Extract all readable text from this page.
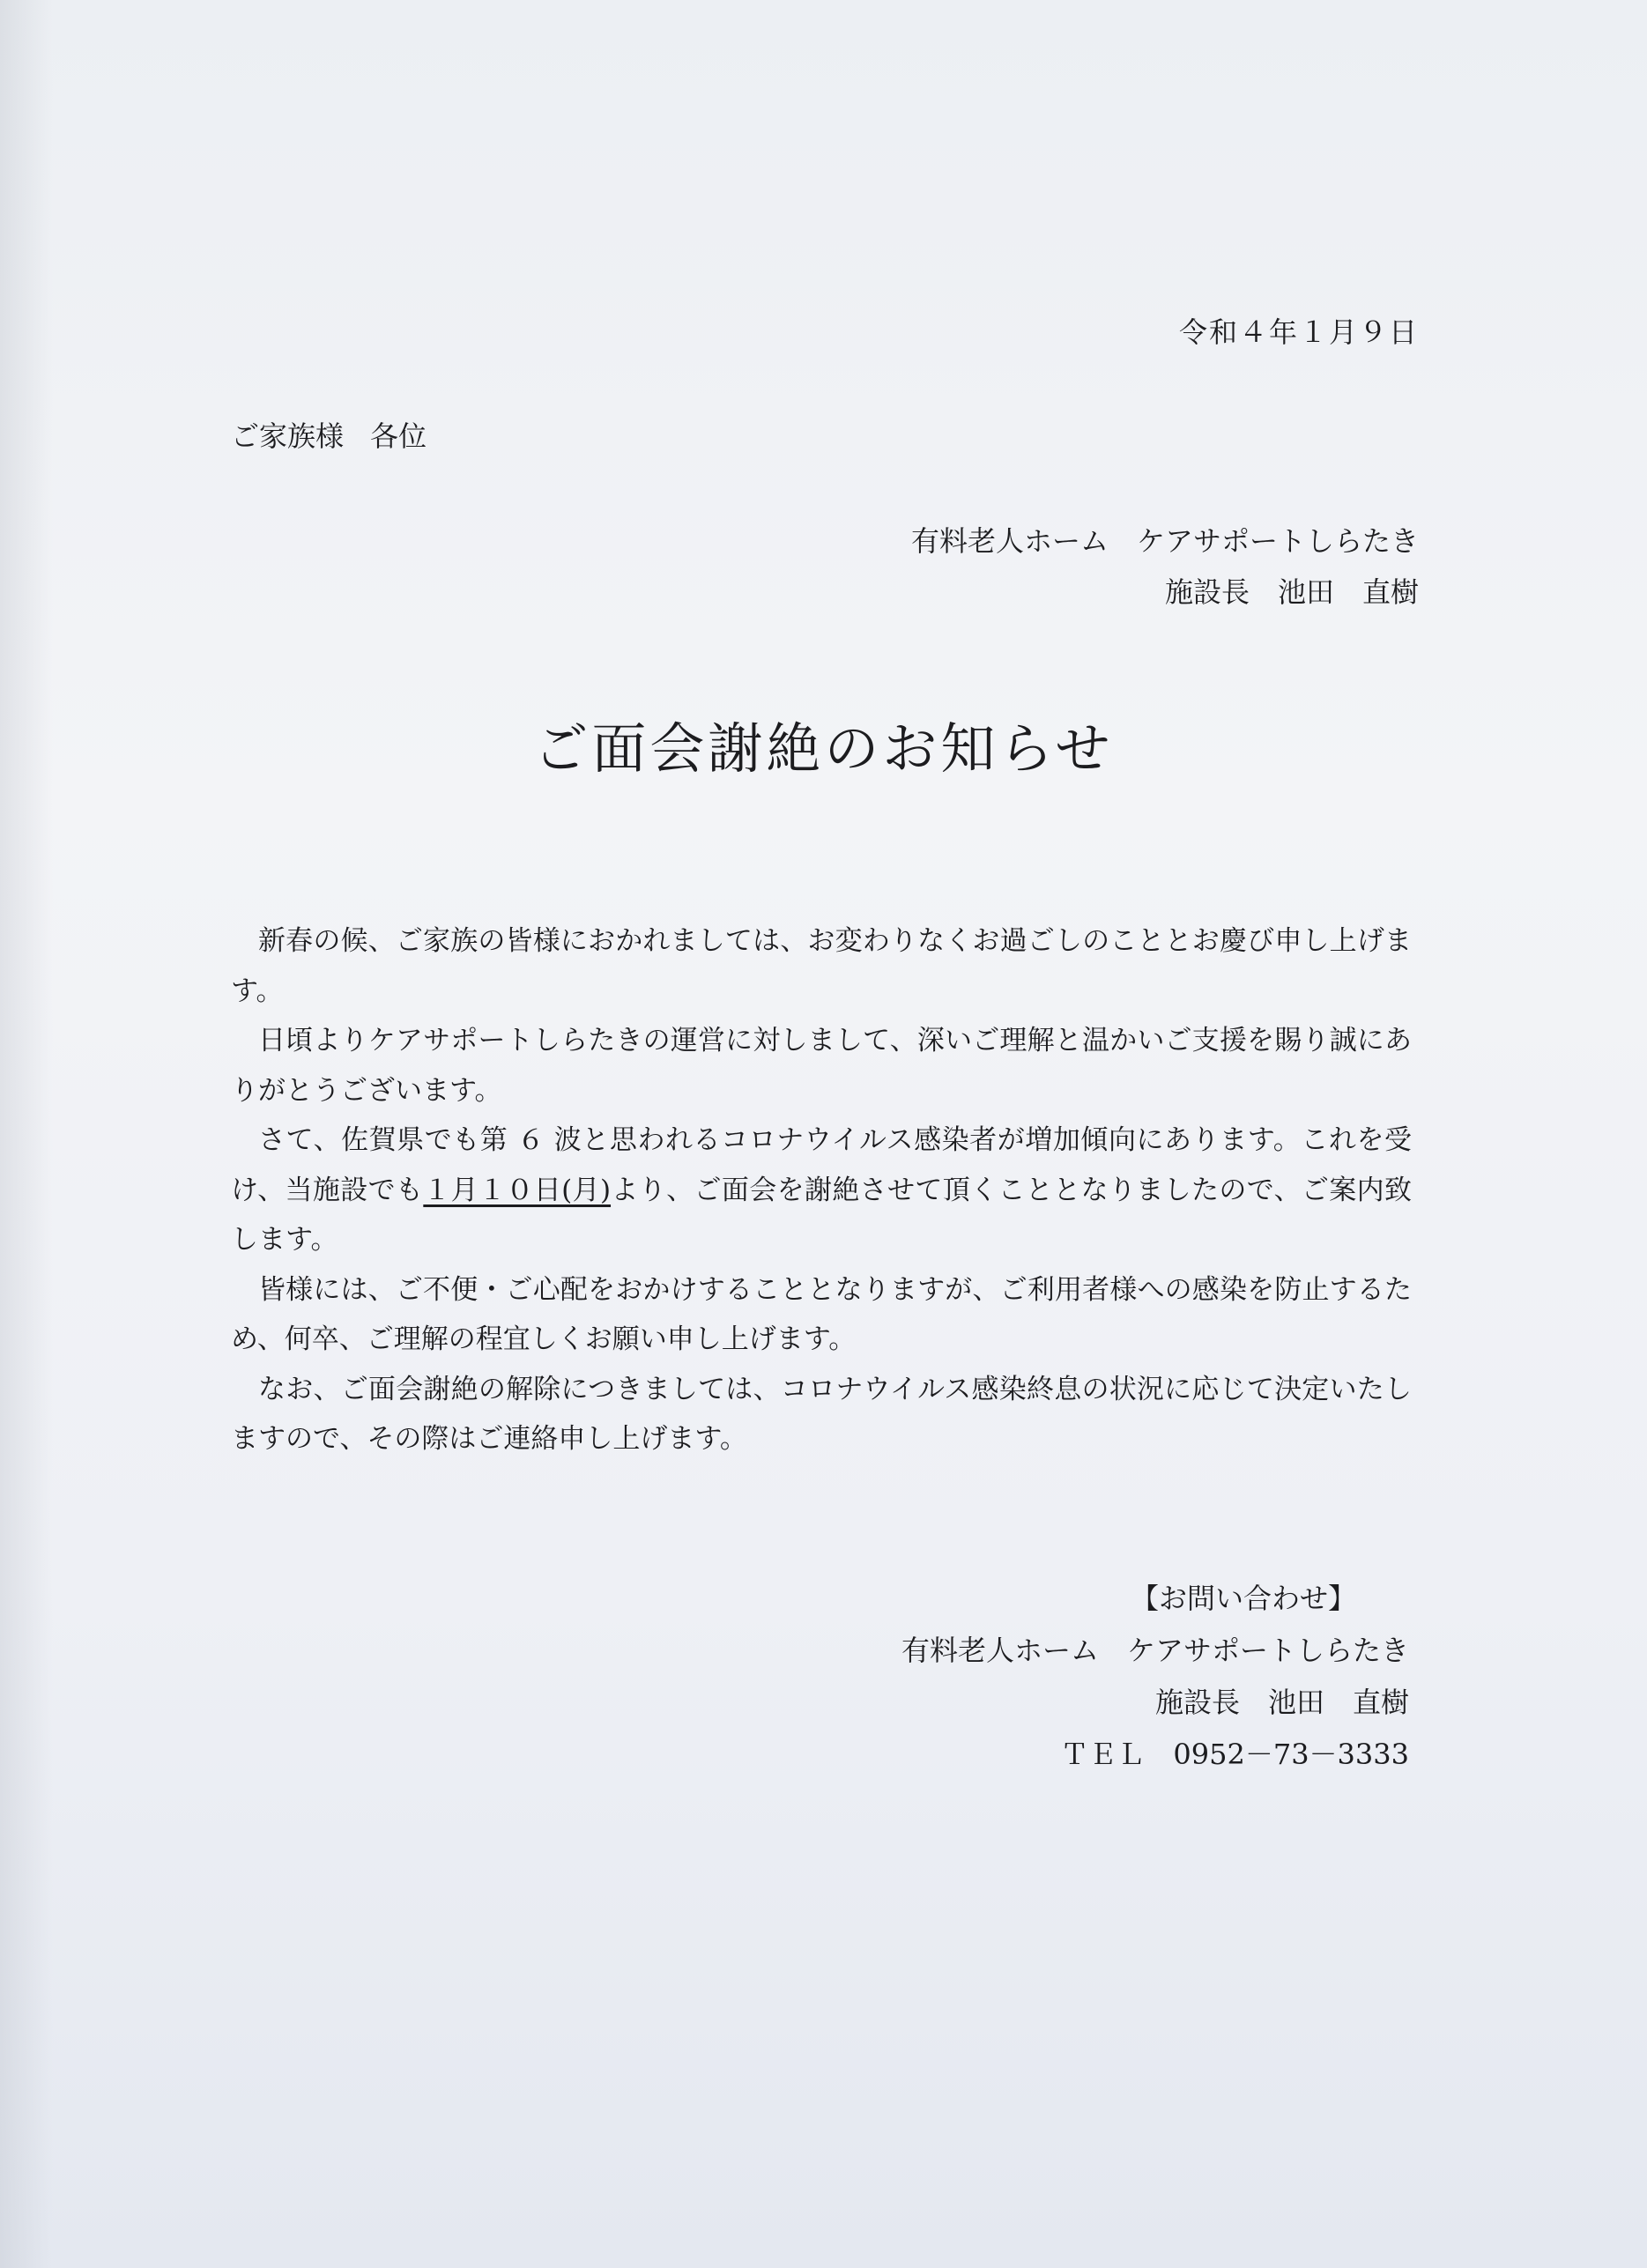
令和４年１月９日
ご家族様 各位
有料老人ホーム　ケアサポートしらたき
施設長　池田　直樹
ご面会謝絶のお知らせ

新春の候、ご家族の皆様におかれましては、お変わりなくお過ごしのこととお慶び申し上げます。

日頃よりケアサポートしらたきの運営に対しまして、深いご理解と温かいご支援を賜り誠にありがとうございます。

さて、佐賀県でも第 ６ 波と思われるコロナウイルス感染者が増加傾向にあります。これを受け、当施設でも１月１０日(月)より、ご面会を謝絶させて頂くこととなりましたので、ご案内致します。

皆様には、ご不便・ご心配をおかけすることとなりますが、ご利用者様への感染を防止するため、何卒、ご理解の程宜しくお願い申し上げます。

なお、ご面会謝絶の解除につきましては、コロナウイルス感染終息の状況に応じて決定いたしますので、その際はご連絡申し上げます。

【お問い合わせ】
有料老人ホーム　ケアサポートしらたき
施設長　池田　直樹
ＴＥＬ　0952－73－3333
